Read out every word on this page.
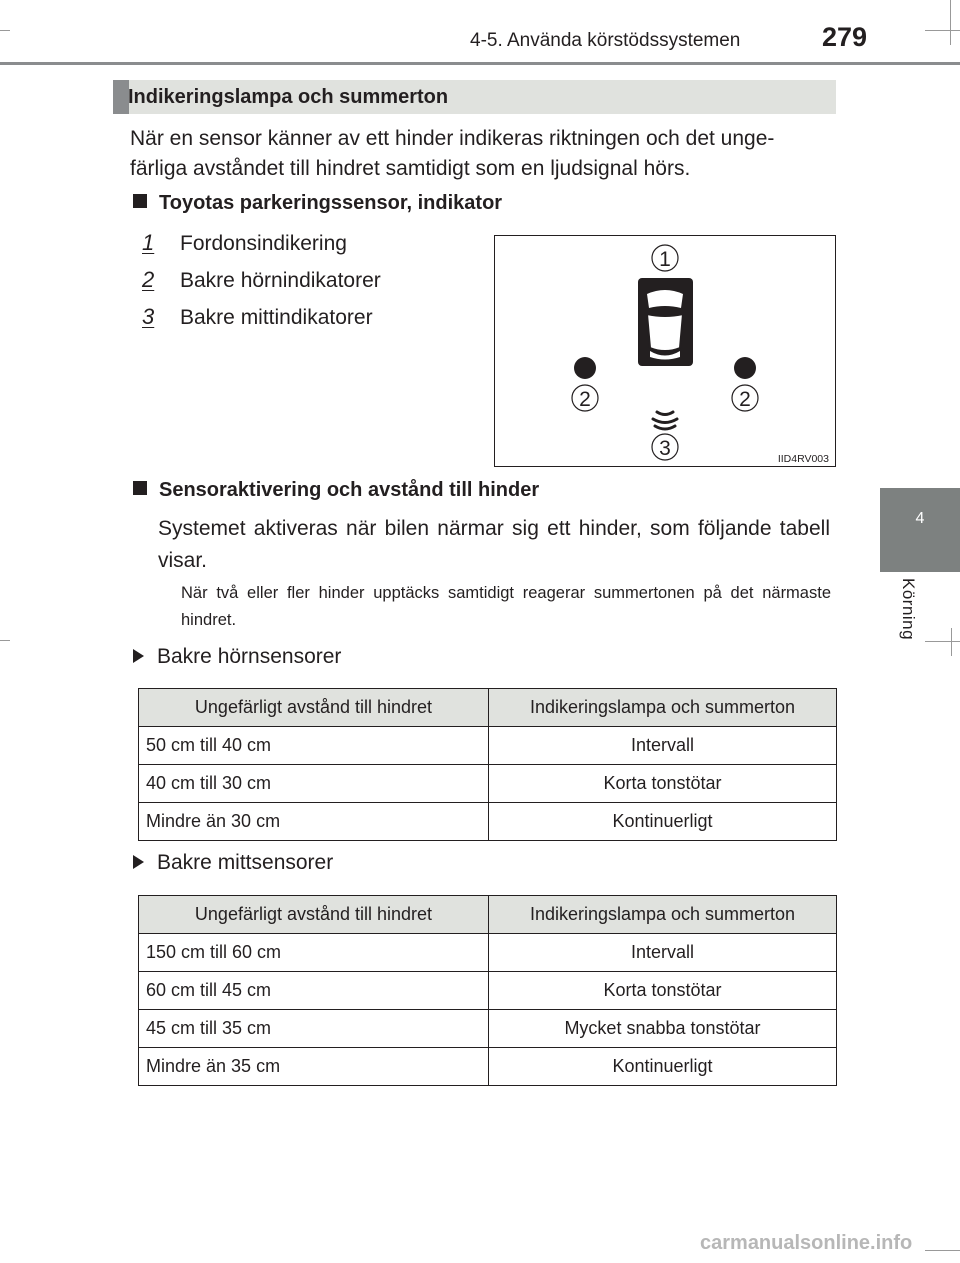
4-5. Använda körstödssystemen	279
4
Körning
Indikeringslampa och summerton
När en sensor känner av ett hinder indikeras riktningen och det unge-färliga avståndet till hindret samtidigt som en ljudsignal hörs.
Toyotas parkeringssensor, indikator
1 Fordonsindikering
2 Bakre hörnindikatorer
3 Bakre mittindikatorer
1
2	2
3	IID4RV003
Sensoraktivering och avstånd till hinder
Systemet aktiveras när bilen närmar sig ett hinder, som följande tabell visar.
När två eller fler hinder upptäcks samtidigt reagerar summertonen på det närmaste hindret.
Bakre hörnsensorer
Ungefärligt avstånd till hindret	Indikeringslampa och summerton
50 cm till 40 cm	Intervall
40 cm till 30 cm	Korta tonstötar
Mindre än 30 cm	Kontinuerligt
Bakre mittsensorer
Ungefärligt avstånd till hindret	Indikeringslampa och summerton
150 cm till 60 cm	Intervall
60 cm till 45 cm	Korta tonstötar
45 cm till 35 cm	Mycket snabba tonstötar
Mindre än 35 cm	Kontinuerligt
carmanualsonline.info
